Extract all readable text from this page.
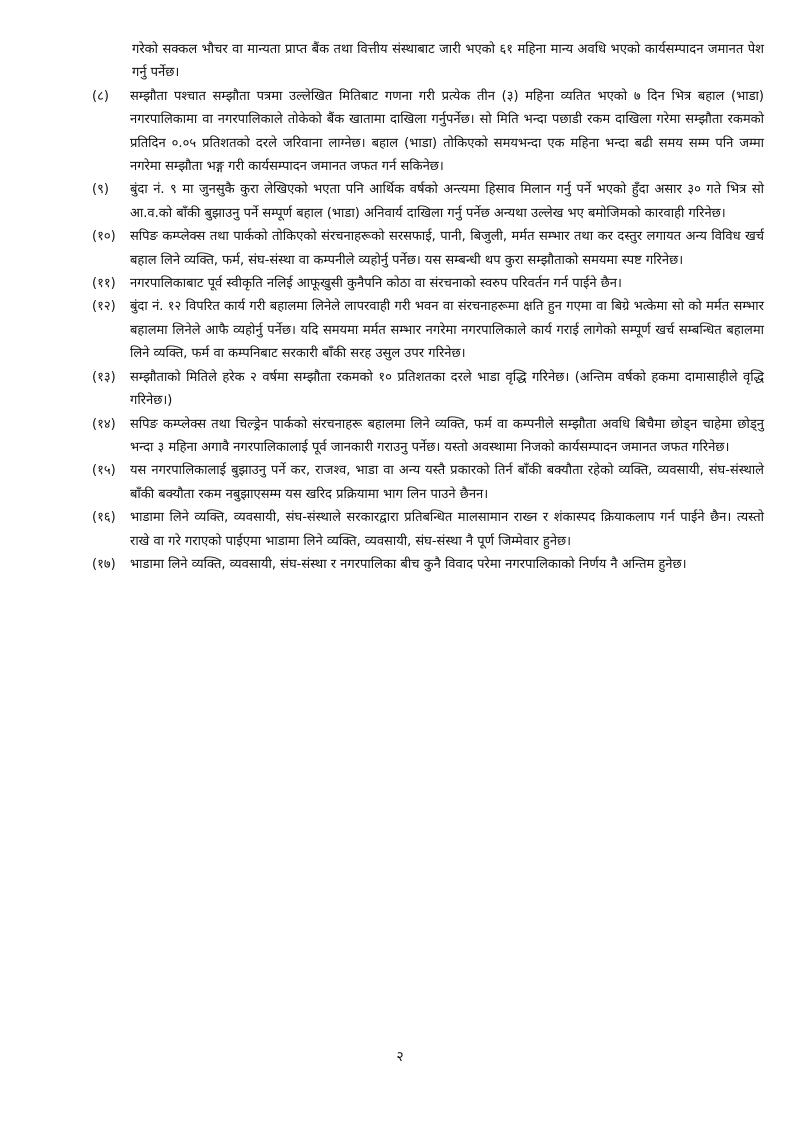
गरेको सक्कल भौचर वा मान्यता प्राप्त बैंक तथा वित्तीय संस्थाबाट जारी भएको ६१ महिना मान्य अवधि भएको कार्यसम्पादन जमानत पेश गर्नु पर्नेछ।
(८)	सम्झौता पश्चात सम्झौता पत्रमा उल्लेखित मितिबाट गणना गरी प्रत्येक तीन (३) महिना व्यतित भएको ७ दिन भित्र बहाल (भाडा) नगरपालिकामा वा नगरपालिकाले तोकेको बैंक खातामा दाखिला गर्नुपर्नेछ। सो मिति भन्दा पछाडी रकम दाखिला गरेमा सम्झौता रकमको प्रतिदिन ०.०५ प्रतिशतको दरले जरिवाना लाग्नेछ। बहाल (भाडा) तोकिएको समयभन्दा एक महिना भन्दा बढी समय सम्म पनि जम्मा नगरेमा सम्झौता भङ्ग गरी कार्यसम्पादन जमानत जफत गर्न सकिनेछ।
(९)	बुंदा नं. ९ मा जुनसुकै कुरा लेखिएको भएता पनि आर्थिक वर्षको अन्त्यमा हिसाव मिलान गर्नु पर्ने भएको हुँदा असार ३० गते भित्र सो आ.व.को बाँकी बुझाउनु पर्ने सम्पूर्ण बहाल (भाडा) अनिवार्य दाखिला गर्नु पर्नेछ अन्यथा उल्लेख भए बमोजिमको कारवाही गरिनेछ।
(१०)	सपिङ कम्प्लेक्स तथा पार्कको तोकिएको संरचनाहरूको सरसफाई, पानी, बिजुली, मर्मत सम्भार तथा कर दस्तुर लगायत अन्य विविध खर्च बहाल लिने व्यक्ति, फर्म, संघ-संस्था वा कम्पनीले व्यहोर्नु पर्नेछ। यस सम्बन्धी थप कुरा सम्झौताको समयमा स्पष्ट गरिनेछ।
(११)	नगरपालिकाबाट पूर्व स्वीकृति नलिई आफूखुसी कुनैपनि कोठा वा संरचनाको स्वरुप परिवर्तन गर्न पाईने छैन।
(१२)	बुंदा नं. १२ विपरित कार्य गरी बहालमा लिनेले लापरवाही गरी भवन वा संरचनाहरूमा क्षति हुन गएमा वा बिग्रे भत्केमा सो को मर्मत सम्भार बहालमा लिनेले आफै व्यहोर्नु पर्नेछ। यदि समयमा मर्मत सम्भार नगरेमा नगरपालिकाले कार्य गराई लागेको सम्पूर्ण खर्च सम्बन्धित बहालमा लिने व्यक्ति, फर्म वा कम्पनिबाट सरकारी बाँकी सरह उसुल उपर गरिनेछ।
(१३)	सम्झौताको मितिले हरेक २ वर्षमा सम्झौता रकमको १० प्रतिशतका दरले भाडा वृद्धि गरिनेछ। (अन्तिम वर्षको हकमा दामासाहीले वृद्धि गरिनेछ।)
(१४)	सपिङ कम्प्लेक्स तथा चिल्ड्रेन पार्कको संरचनाहरू बहालमा लिने व्यक्ति, फर्म वा कम्पनीले सम्झौता अवधि बिचैमा छोड्न चाहेमा छोड्नु भन्दा ३ महिना अगावै नगरपालिकालाई पूर्व जानकारी गराउनु पर्नेछ। यस्तो अवस्थामा निजको कार्यसम्पादन जमानत जफत गरिनेछ।
(१५)	यस नगरपालिकालाई बुझाउनु पर्ने कर, राजश्व, भाडा वा अन्य यस्तै प्रकारको तिर्न बाँकी बक्यौता रहेको व्यक्ति, व्यवसायी, संघ-संस्थाले बाँकी बक्यौता रकम नबुझाएसम्म यस खरिद प्रक्रियामा भाग लिन पाउने छैनन।
(१६)	भाडामा लिने व्यक्ति, व्यवसायी, संघ-संस्थाले सरकारद्वारा प्रतिबन्धित मालसामान राख्न र शंकास्पद क्रियाकलाप गर्न पाईने छैन। त्यस्तो राखे वा गरे गराएको पाईएमा भाडामा लिने व्यक्ति, व्यवसायी, संघ-संस्था नै पूर्ण जिम्मेवार हुनेछ।
(१७)	भाडामा लिने व्यक्ति, व्यवसायी, संघ-संस्था र नगरपालिका बीच कुनै विवाद परेमा नगरपालिकाको निर्णय नै अन्तिम हुनेछ।
२
